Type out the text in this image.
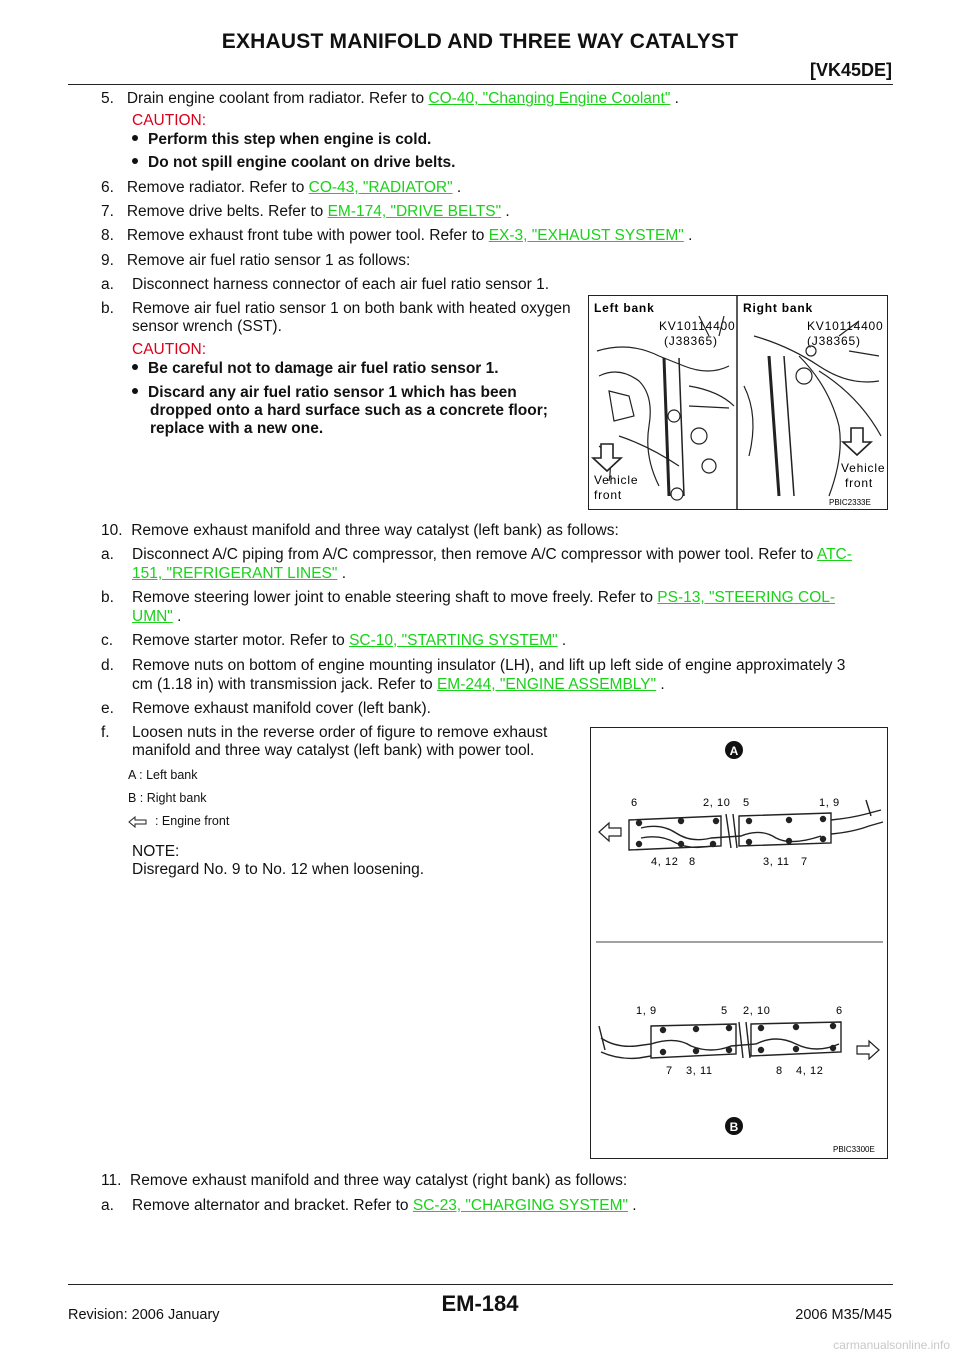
EXHAUST MANIFOLD AND THREE WAY CATALYST
[VK45DE]
5. Drain engine coolant from radiator. Refer to CO-40, "Changing Engine Coolant" .
CAUTION:
Perform this step when engine is cold.
Do not spill engine coolant on drive belts.
6. Remove radiator. Refer to CO-43, "RADIATOR" .
7. Remove drive belts. Refer to EM-174, "DRIVE BELTS" .
8. Remove exhaust front tube with power tool. Refer to EX-3, "EXHAUST SYSTEM" .
9. Remove air fuel ratio sensor 1 as follows:
a. Disconnect harness connector of each air fuel ratio sensor 1.
b. Remove air fuel ratio sensor 1 on both bank with heated oxygen
sensor wrench (SST).
CAUTION:
Be careful not to damage air fuel ratio sensor 1.
Discard any air fuel ratio sensor 1 which has been
dropped onto a hard surface such as a concrete floor;
replace with a new one.
Left bank	Right bank
KV10114400
(J38365)
KV10114400
(J38365)
Vehicle
front
Vehicle
front
PBIC2333E
10. Remove exhaust manifold and three way catalyst (left bank) as follows:
a. Disconnect A/C piping from A/C compressor, then remove A/C compressor with power tool. Refer to ATC-
151, "REFRIGERANT LINES" .
b. Remove steering lower joint to enable steering shaft to move freely. Refer to PS-13, "STEERING COL-
UMN" .
c. Remove starter motor. Refer to SC-10, "STARTING SYSTEM" .
d. Remove nuts on bottom of engine mounting insulator (LH), and lift up left side of engine approximately 3
cm (1.18 in) with transmission jack. Refer to EM-244, "ENGINE ASSEMBLY" .
e. Remove exhaust manifold cover (left bank).
f. Loosen nuts in the reverse order of figure to remove exhaust
manifold and three way catalyst (left bank) with power tool.
A : Left bank
B : Right bank
: Engine front
NOTE:
Disregard No. 9 to No. 12 when loosening.
A
6	2, 10 5	1, 9
4, 12 8	3, 11 7
1, 9	5 2, 10	6
7 3, 11	8 4, 12
B
PBIC3300E
11. Remove exhaust manifold and three way catalyst (right bank) as follows:
a. Remove alternator and bracket. Refer to SC-23, "CHARGING SYSTEM" .
EM-184
Revision: 2006 January	2006 M35/M45
carmanualsonline.info
